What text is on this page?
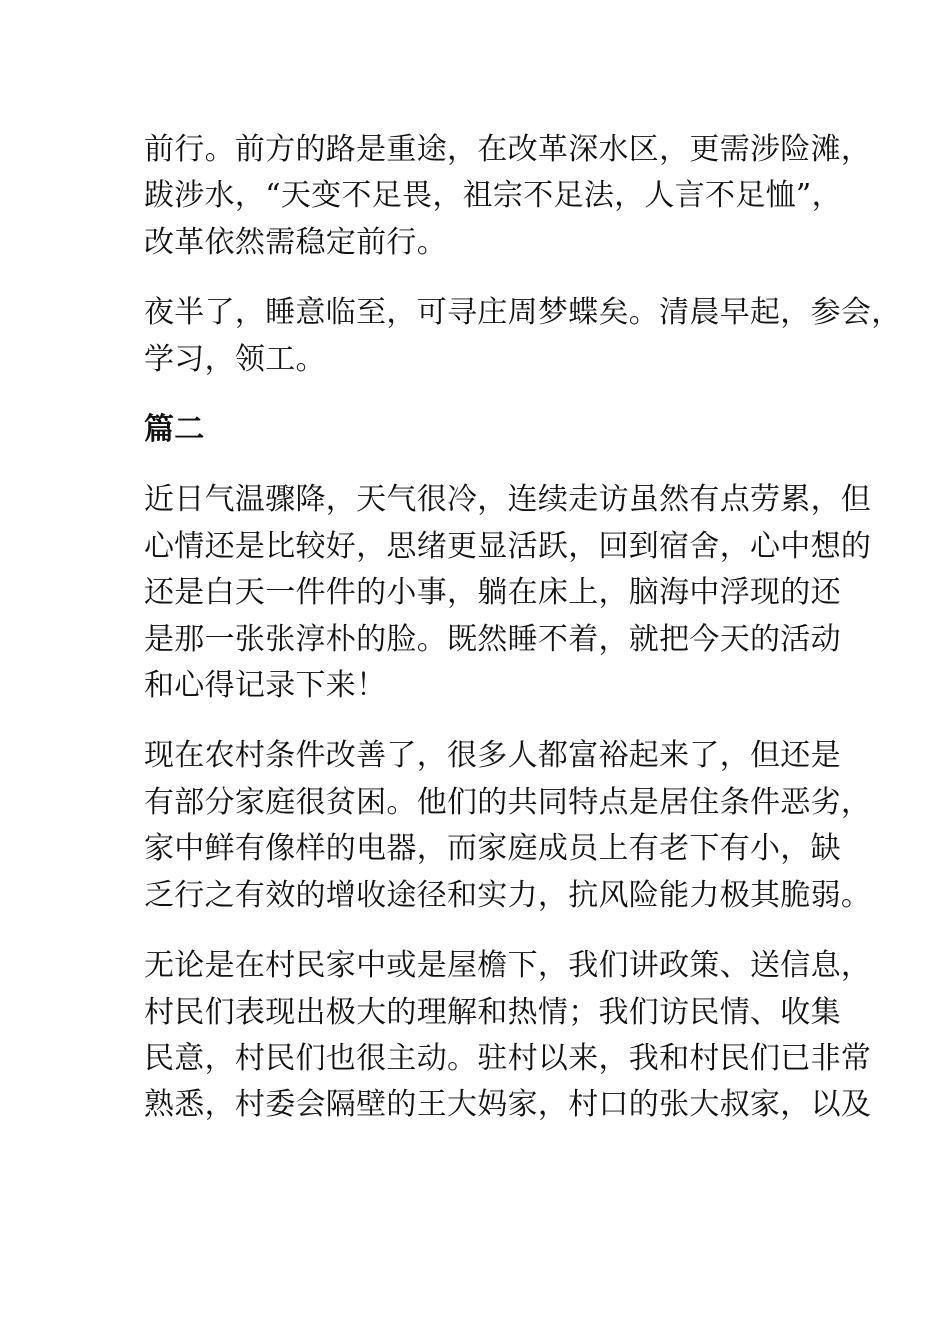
前行。前方的路是重途，在改革深水区，更需涉险滩，
跋涉水，“天变不足畏，祖宗不足法，人言不足恤”，
改革依然需稳定前行。

夜半了，睡意临至，可寻庄周梦蝶矣。清晨早起，参会，
学习，领工。

篇二

近日气温骤降，天气很冷，连续走访虽然有点劳累，但
心情还是比较好，思绪更显活跃，回到宿舍，心中想的
还是白天一件件的小事，躺在床上，脑海中浮现的还
是那一张张淳朴的脸。既然睡不着，就把今天的活动
和心得记录下来！

现在农村条件改善了，很多人都富裕起来了，但还是
有部分家庭很贫困。他们的共同特点是居住条件恶劣，
家中鲜有像样的电器，而家庭成员上有老下有小，缺
乏行之有效的增收途径和实力，抗风险能力极其脆弱。

无论是在村民家中或是屋檐下，我们讲政策、送信息，
村民们表现出极大的理解和热情；我们访民情、收集
民意，村民们也很主动。驻村以来，我和村民们已非常
熟悉，村委会隔壁的王大妈家，村口的张大叔家，以及
